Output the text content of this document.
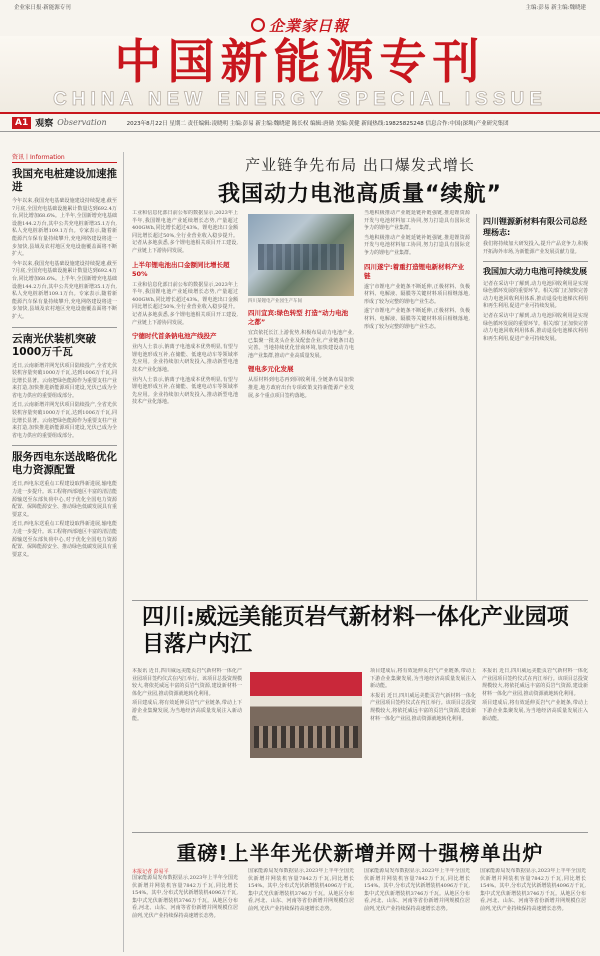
企业家日报·新能源专刊	主编:彭易 新主编:魏晓建
企業家日報
中国新能源专刊
CHINA NEW ENERGY SPECIAL ISSUE
A1 观察 Observation	2023年8月22日 星期二 责任编辑:凌晓明 主编:彭易 新主编:魏晓建 陈长权 编辑:唐勋 美编:黄健 新闻热线:19825825248 信息合作:中国(深圳)产业研究集团
资讯丨Information
我国充电桩建设加速推进
今年以来,我国充电基础设施建设持续提速,截至7月底,全国充电基础设施累计数量达到692.4万台,同比增加68.6%。上半年,全国新增充电基础设施144.2万台,其中公共充电桩新增35.1万台,私人充电桩新增109.1万台。专家表示,随着新能源汽车保有量持续攀升,充电网络建设将进一步加快,县域及农村地区充电设施覆盖面将不断扩大。
今年以来,我国充电基础设施建设持续提速,截至7月底,全国充电基础设施累计数量达到692.4万台,同比增加68.6%。上半年,全国新增充电基础设施144.2万台,其中公共充电桩新增35.1万台,私人充电桩新增109.1万台。专家表示,随着新能源汽车保有量持续攀升,充电网络建设将进一步加快,县域及农村地区充电设施覆盖面将不断扩大。
云南光伏装机突破1000万千瓦
近日,云南新增并网光伏项目陆续投产,全省光伏装机容量突破1000万千瓦,达到1006万千瓦,同比增长显著。云南把绿色能源作为重要支柱产业来打造,加快推进新能源项目建设,光伏已成为全省电力供应的重要组成部分。
近日,云南新增并网光伏项目陆续投产,全省光伏装机容量突破1000万千瓦,达到1006万千瓦,同比增长显著。云南把绿色能源作为重要支柱产业来打造,加快推进新能源项目建设,光伏已成为全省电力供应的重要组成部分。
服务西电东送战略优化电力资源配置
近日,西电东送重点工程建设取得新进展,输电能力进一步提升。该工程将西部地区丰富的清洁能源输送至东部负荷中心,对于优化全国电力资源配置、保障能源安全、推动绿色低碳发展具有重要意义。
近日,西电东送重点工程建设取得新进展,输电能力进一步提升。该工程将西部地区丰富的清洁能源输送至东部负荷中心,对于优化全国电力资源配置、保障能源安全、推动绿色低碳发展具有重要意义。
产业链争先布局 出口爆发式增长
我国动力电池高质量“续航”
工业和信息化部日前公布的数据显示,2023年上半年,我国锂电池产业延续增长态势,产量超过400GWh,同比增长超过43%。锂电池出口金额同比增长超过50%,全行业营业收入稳步提升。记者从多地获悉,多个锂电池相关项目开工建设,产业链上下游协同发展。
上半年锂电池出口金额同比增长超50%
工业和信息化部日前公布的数据显示,2023年上半年,我国锂电池产业延续增长态势,产量超过400GWh,同比增长超过43%。锂电池出口金额同比增长超过50%,全行业营业收入稳步提升。记者从多地获悉,多个锂电池相关项目开工建设,产业链上下游协同发展。
宁德时代首条钠电池产线投产
业内人士表示,钠离子电池成本优势明显,有望与锂电池形成互补,在储能、低速电动车等领域率先应用。企业持续加大研发投入,推动新型电池技术产业化落地。
业内人士表示,钠离子电池成本优势明显,有望与锂电池形成互补,在储能、低速电动车等领域率先应用。企业持续加大研发投入,推动新型电池技术产业化落地。
四川某锂电产业园生产车间
四川宜宾:绿色转型 打造“动力电池之都”
宜宾依托长江上游优势,积极布局动力电池产业,已集聚一批龙头企业及配套企业,产业链条日趋完善。当地持续优化营商环境,加快建设动力电池产业集群,推动产业高质量发展。
锂电多元化发展
从原材料到电芯再到回收利用,全链条布局加快推进,地方政府出台专项政策支持新能源产业发展,多个重点项目签约落地。
当地积极推动产业链延链补链强链,推进锂资源开发与电池材料加工协同,努力打造具有国际竞争力的锂电产业集群。
当地积极推动产业链延链补链强链,推进锂资源开发与电池材料加工协同,努力打造具有国际竞争力的锂电产业集群。
四川遂宁:着重打造锂电新材料产业链
遂宁市锂电产业链条不断延伸,正极材料、负极材料、电解液、隔膜等关键材料项目相继落地,形成了较为完整的锂电产业生态。
遂宁市锂电产业链条不断延伸,正极材料、负极材料、电解液、隔膜等关键材料项目相继落地,形成了较为完整的锂电产业生态。
四川锂源新材料有限公司总经理杨志:
我们将持续加大研发投入,提升产品竞争力,积极开拓海外市场,为新能源产业发展贡献力量。
我国加大动力电池可持续发展
记者在采访中了解到,动力电池回收利用是实现绿色循环发展的重要环节。相关部门正加快完善动力电池回收利用体系,推动退役电池梯次利用和再生利用,促进产业可持续发展。
记者在采访中了解到,动力电池回收利用是实现绿色循环发展的重要环节。相关部门正加快完善动力电池回收利用体系,推动退役电池梯次利用和再生利用,促进产业可持续发展。
四川:威远美能页岩气新材料一体化产业园项目落户内江
本报讯 近日,四川威远美能页岩气新材料一体化产业园项目签约仪式在内江举行。该项目总投资规模较大,将依托威远丰富的页岩气资源,建设新材料一体化产业园,推动资源就地转化利用。
项目建成后,将有效延伸页岩气产业链条,带动上下游企业集聚发展,为当地经济高质量发展注入新动能。
项目建成后,将有效延伸页岩气产业链条,带动上下游企业集聚发展,为当地经济高质量发展注入新动能。
本报讯 近日,四川威远美能页岩气新材料一体化产业园项目签约仪式在内江举行。该项目总投资规模较大,将依托威远丰富的页岩气资源,建设新材料一体化产业园,推动资源就地转化利用。
本报讯 近日,四川威远美能页岩气新材料一体化产业园项目签约仪式在内江举行。该项目总投资规模较大,将依托威远丰富的页岩气资源,建设新材料一体化产业园,推动资源就地转化利用。
项目建成后,将有效延伸页岩气产业链条,带动上下游企业集聚发展,为当地经济高质量发展注入新动能。
重磅!上半年光伏新增并网十强榜单出炉
本报记者 彭易平
国家能源局发布数据显示,2023年上半年全国光伏新增并网装机容量7842万千瓦,同比增长154%。其中,分布式光伏新增装机4096万千瓦,集中式光伏新增装机3746万千瓦。从地区分布看,河北、山东、河南等省份新增并网规模位居前列,光伏产业持续保持高速增长态势。
国家能源局发布数据显示,2023年上半年全国光伏新增并网装机容量7842万千瓦,同比增长154%。其中,分布式光伏新增装机4096万千瓦,集中式光伏新增装机3746万千瓦。从地区分布看,河北、山东、河南等省份新增并网规模位居前列,光伏产业持续保持高速增长态势。
国家能源局发布数据显示,2023年上半年全国光伏新增并网装机容量7842万千瓦,同比增长154%。其中,分布式光伏新增装机4096万千瓦,集中式光伏新增装机3746万千瓦。从地区分布看,河北、山东、河南等省份新增并网规模位居前列,光伏产业持续保持高速增长态势。
国家能源局发布数据显示,2023年上半年全国光伏新增并网装机容量7842万千瓦,同比增长154%。其中,分布式光伏新增装机4096万千瓦,集中式光伏新增装机3746万千瓦。从地区分布看,河北、山东、河南等省份新增并网规模位居前列,光伏产业持续保持高速增长态势。
